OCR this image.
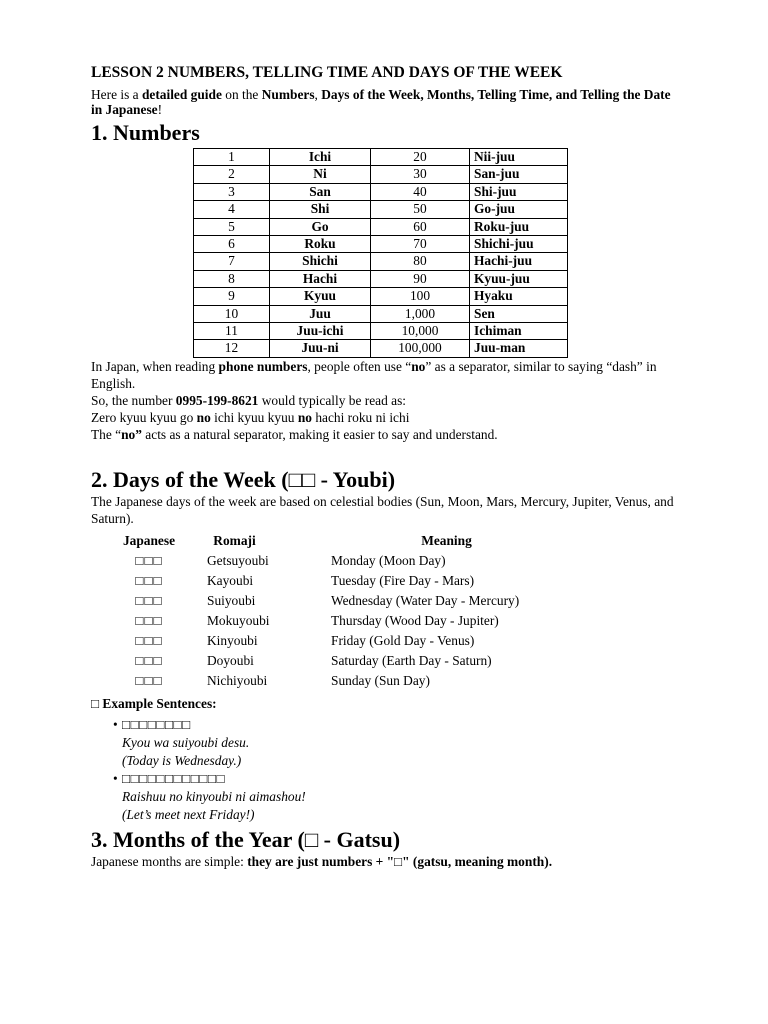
LESSON 2 NUMBERS, TELLING TIME AND DAYS OF THE WEEK

Here is a detailed guide on the Numbers, Days of the Week, Months, Telling Time, and Telling the Date in Japanese!

1. Numbers
1	Ichi	20	Nii-juu
2	Ni	30	San-juu
3	San	40	Shi-juu
4	Shi	50	Go-juu
5	Go	60	Roku-juu
6	Roku	70	Shichi-juu
7	Shichi	80	Hachi-juu
8	Hachi	90	Kyuu-juu
9	Kyuu	100	Hyaku
10	Juu	1,000	Sen
11	Juu-ichi	10,000	Ichiman
12	Juu-ni	100,000	Juu-man

In Japan, when reading phone numbers, people often use “no” as a separator, similar to saying “dash” in English.

So, the number 0995-199-8621 would typically be read as:

Zero kyuu kyuu go no ichi kyuu kyuu no hachi roku ni ichi

The “no” acts as a natural separator, making it easier to say and understand.

2. Days of the Week (□□ - Youbi)

The Japanese days of the week are based on celestial bodies (Sun, Moon, Mars, Mercury, Jupiter, Venus, and Saturn).

Japanese	Romaji	Meaning
□□□	Getsuyoubi	Monday (Moon Day)
□□□	Kayoubi	Tuesday (Fire Day - Mars)
□□□	Suiyoubi	Wednesday (Water Day - Mercury)
□□□	Mokuyoubi	Thursday (Wood Day - Jupiter)
□□□	Kinyoubi	Friday (Gold Day - Venus)
□□□	Doyoubi	Saturday (Earth Day - Saturn)
□□□	Nichiyoubi	Sunday (Sun Day)
□ Example Sentences:
• □□□□□□□□
Kyou wa suiyoubi desu.
(Today is Wednesday.)
• □□□□□□□□□□□□
Raishuu no kinyoubi ni aimashou!
(Let’s meet next Friday!)
3. Months of the Year (□ - Gatsu)

Japanese months are simple: they are just numbers + "□" (gatsu, meaning month).
